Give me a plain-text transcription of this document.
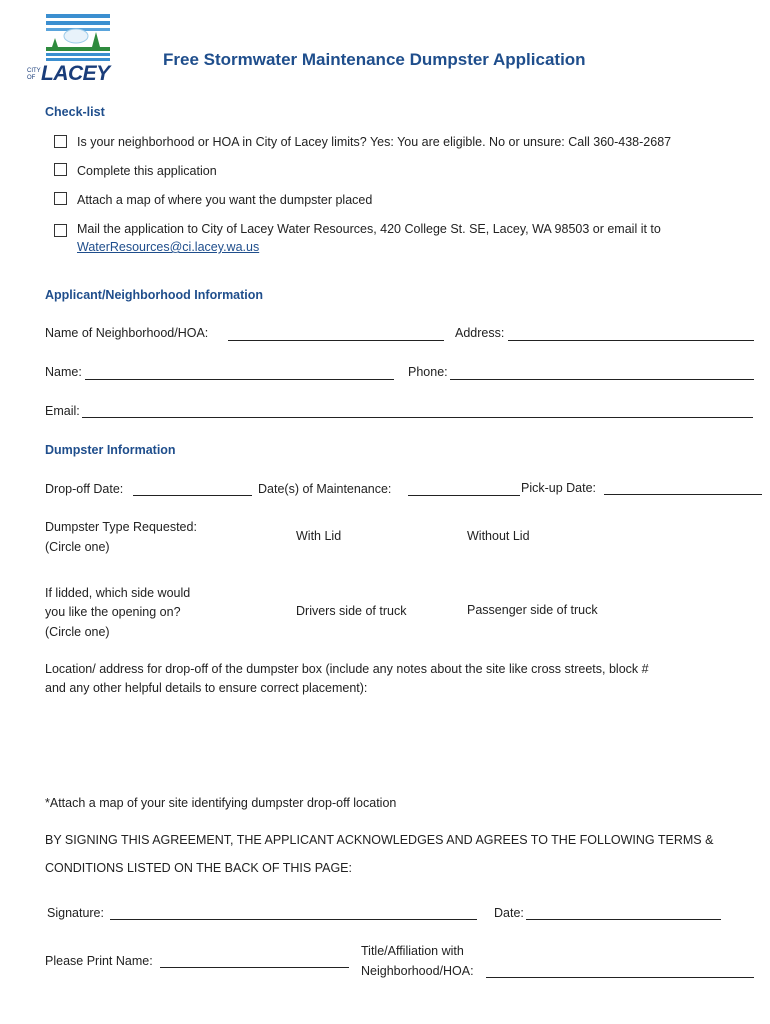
CITY OF LACEY
Free Stormwater Maintenance Dumpster Application
Check-list
Is your neighborhood or HOA in City of Lacey limits? Yes: You are eligible. No or unsure: Call 360-438-2687
Complete this application
Attach a map of where you want the dumpster placed
Mail the application to City of Lacey Water Resources, 420 College St. SE, Lacey, WA 98503 or email it to
WaterResources@ci.lacey.wa.us
Applicant/Neighborhood Information
Name of Neighborhood/HOA:	Address:
Name:	Phone:
Email:
Dumpster Information
Drop-off Date:	Date(s) of Maintenance:	Pick-up Date:
Dumpster Type Requested:
(Circle one)
With Lid	Without Lid
If lidded, which side would
you like the opening on?
(Circle one)
Drivers side of truck	Passenger side of truck
Location/ address for drop-off of the dumpster box (include any notes about the site like cross streets, block #
and any other helpful details to ensure correct placement):
*Attach a map of your site identifying dumpster drop-off location
BY SIGNING THIS AGREEMENT, THE APPLICANT ACKNOWLEDGES AND AGREES TO THE FOLLOWING TERMS &
CONDITIONS LISTED ON THE BACK OF THIS PAGE:
Signature:	Date:
Please Print Name:
Title/Affiliation with
Neighborhood/HOA:
